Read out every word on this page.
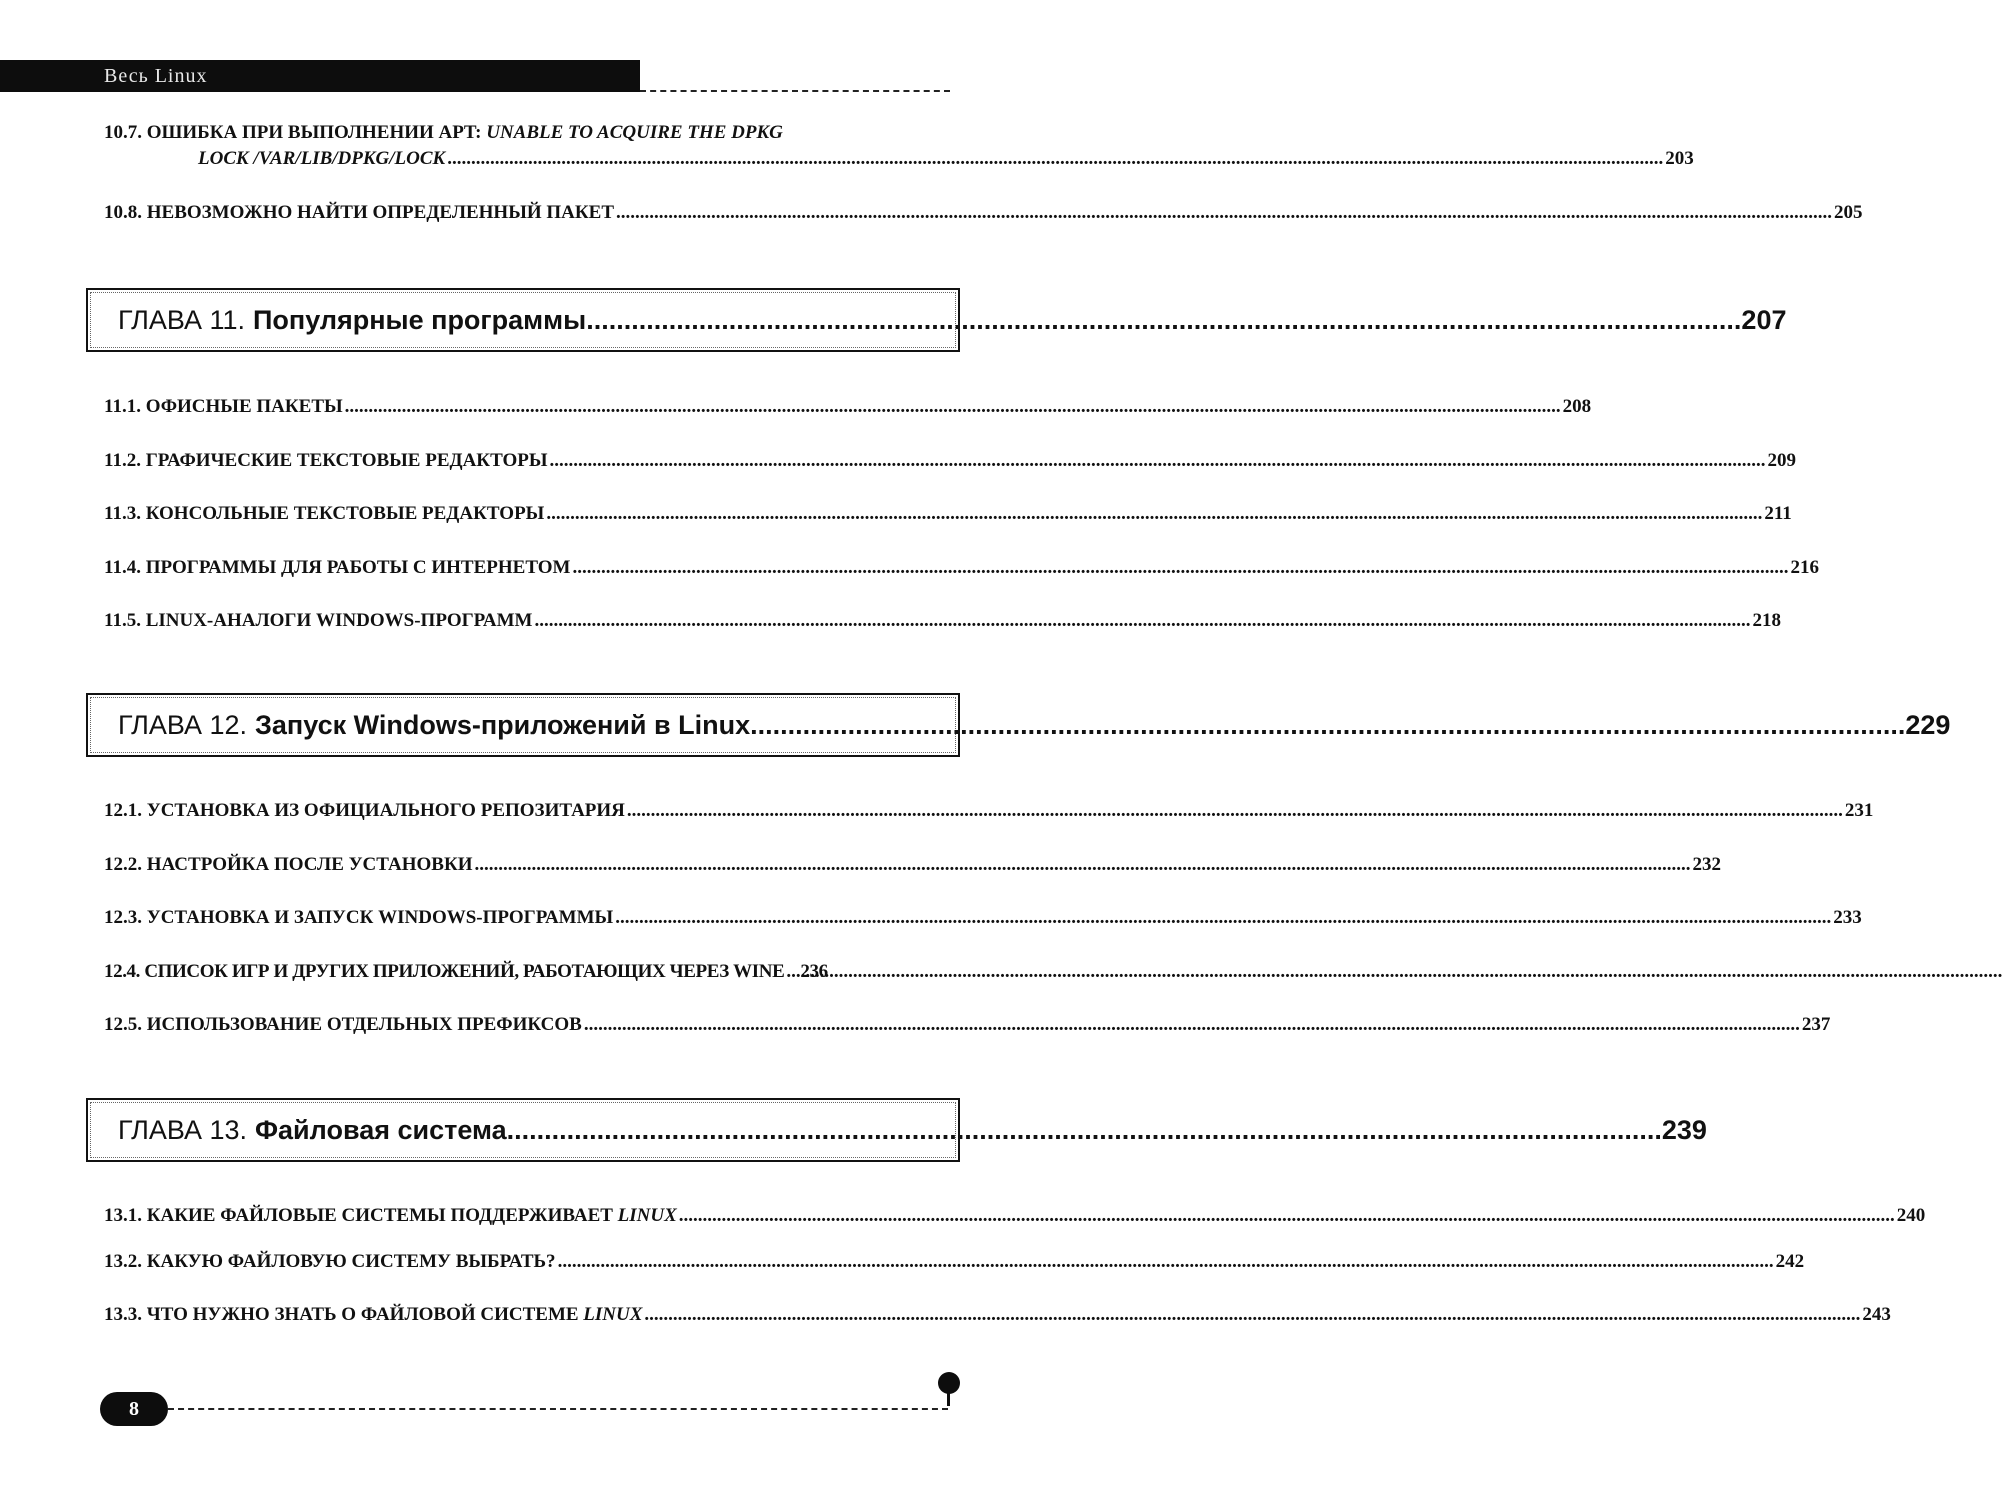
Весь Linux
10.7.
ОШИБКА ПРИ ВЫПОЛНЕНИИ APT:
UNABLE TO ACQUIRE THE DPKG
LOCK /VAR/LIB/DPKG/LOCK .....	203
10.8. НЕВОЗМОЖНО НАЙТИ ОПРЕДЕЛЕННЫЙ ПАКЕТ .....	205
ГЛАВА 11. Популярные программы .....	207
11.1. ОФИСНЫЕ ПАКЕТЫ .....	208
11.2. ГРАФИЧЕСКИЕ ТЕКСТОВЫЕ РЕДАКТОРЫ .....	209
11.3. КОНСОЛЬНЫЕ ТЕКСТОВЫЕ РЕДАКТОРЫ .....	211
11.4. ПРОГРАММЫ ДЛЯ РАБОТЫ С ИНТЕРНЕТОМ .....	216
11.5. LINUX-АНАЛОГИ WINDOWS-ПРОГРАММ .....	218
ГЛАВА 12. Запуск Windows-приложений в Linux .....	229
12.1. УСТАНОВКА ИЗ ОФИЦИАЛЬНОГО РЕПОЗИТАРИЯ .....	231
12.2. НАСТРОЙКА ПОСЛЕ УСТАНОВКИ .....	232
12.3. УСТАНОВКА И ЗАПУСК WINDOWS-ПРОГРАММЫ .....	233
12.4. СПИСОК ИГР И ДРУГИХ ПРИЛОЖЕНИЙ, РАБОТАЮЩИХ ЧЕРЕЗ WINE ..... 236
12.5. ИСПОЛЬЗОВАНИЕ ОТДЕЛЬНЫХ ПРЕФИКСОВ .....	237
ГЛАВА 13. Файловая система .....	239
13.1. КАКИЕ ФАЙЛОВЫЕ СИСТЕМЫ ПОДДЕРЖИВАЕТ LINUX .....	240
13.2. КАКУЮ ФАЙЛОВУЮ СИСТЕМУ ВЫБРАТЬ? .....	242
13.3. ЧТО НУЖНО ЗНАТЬ О ФАЙЛОВОЙ СИСТЕМЕ LINUX .....	243
8
